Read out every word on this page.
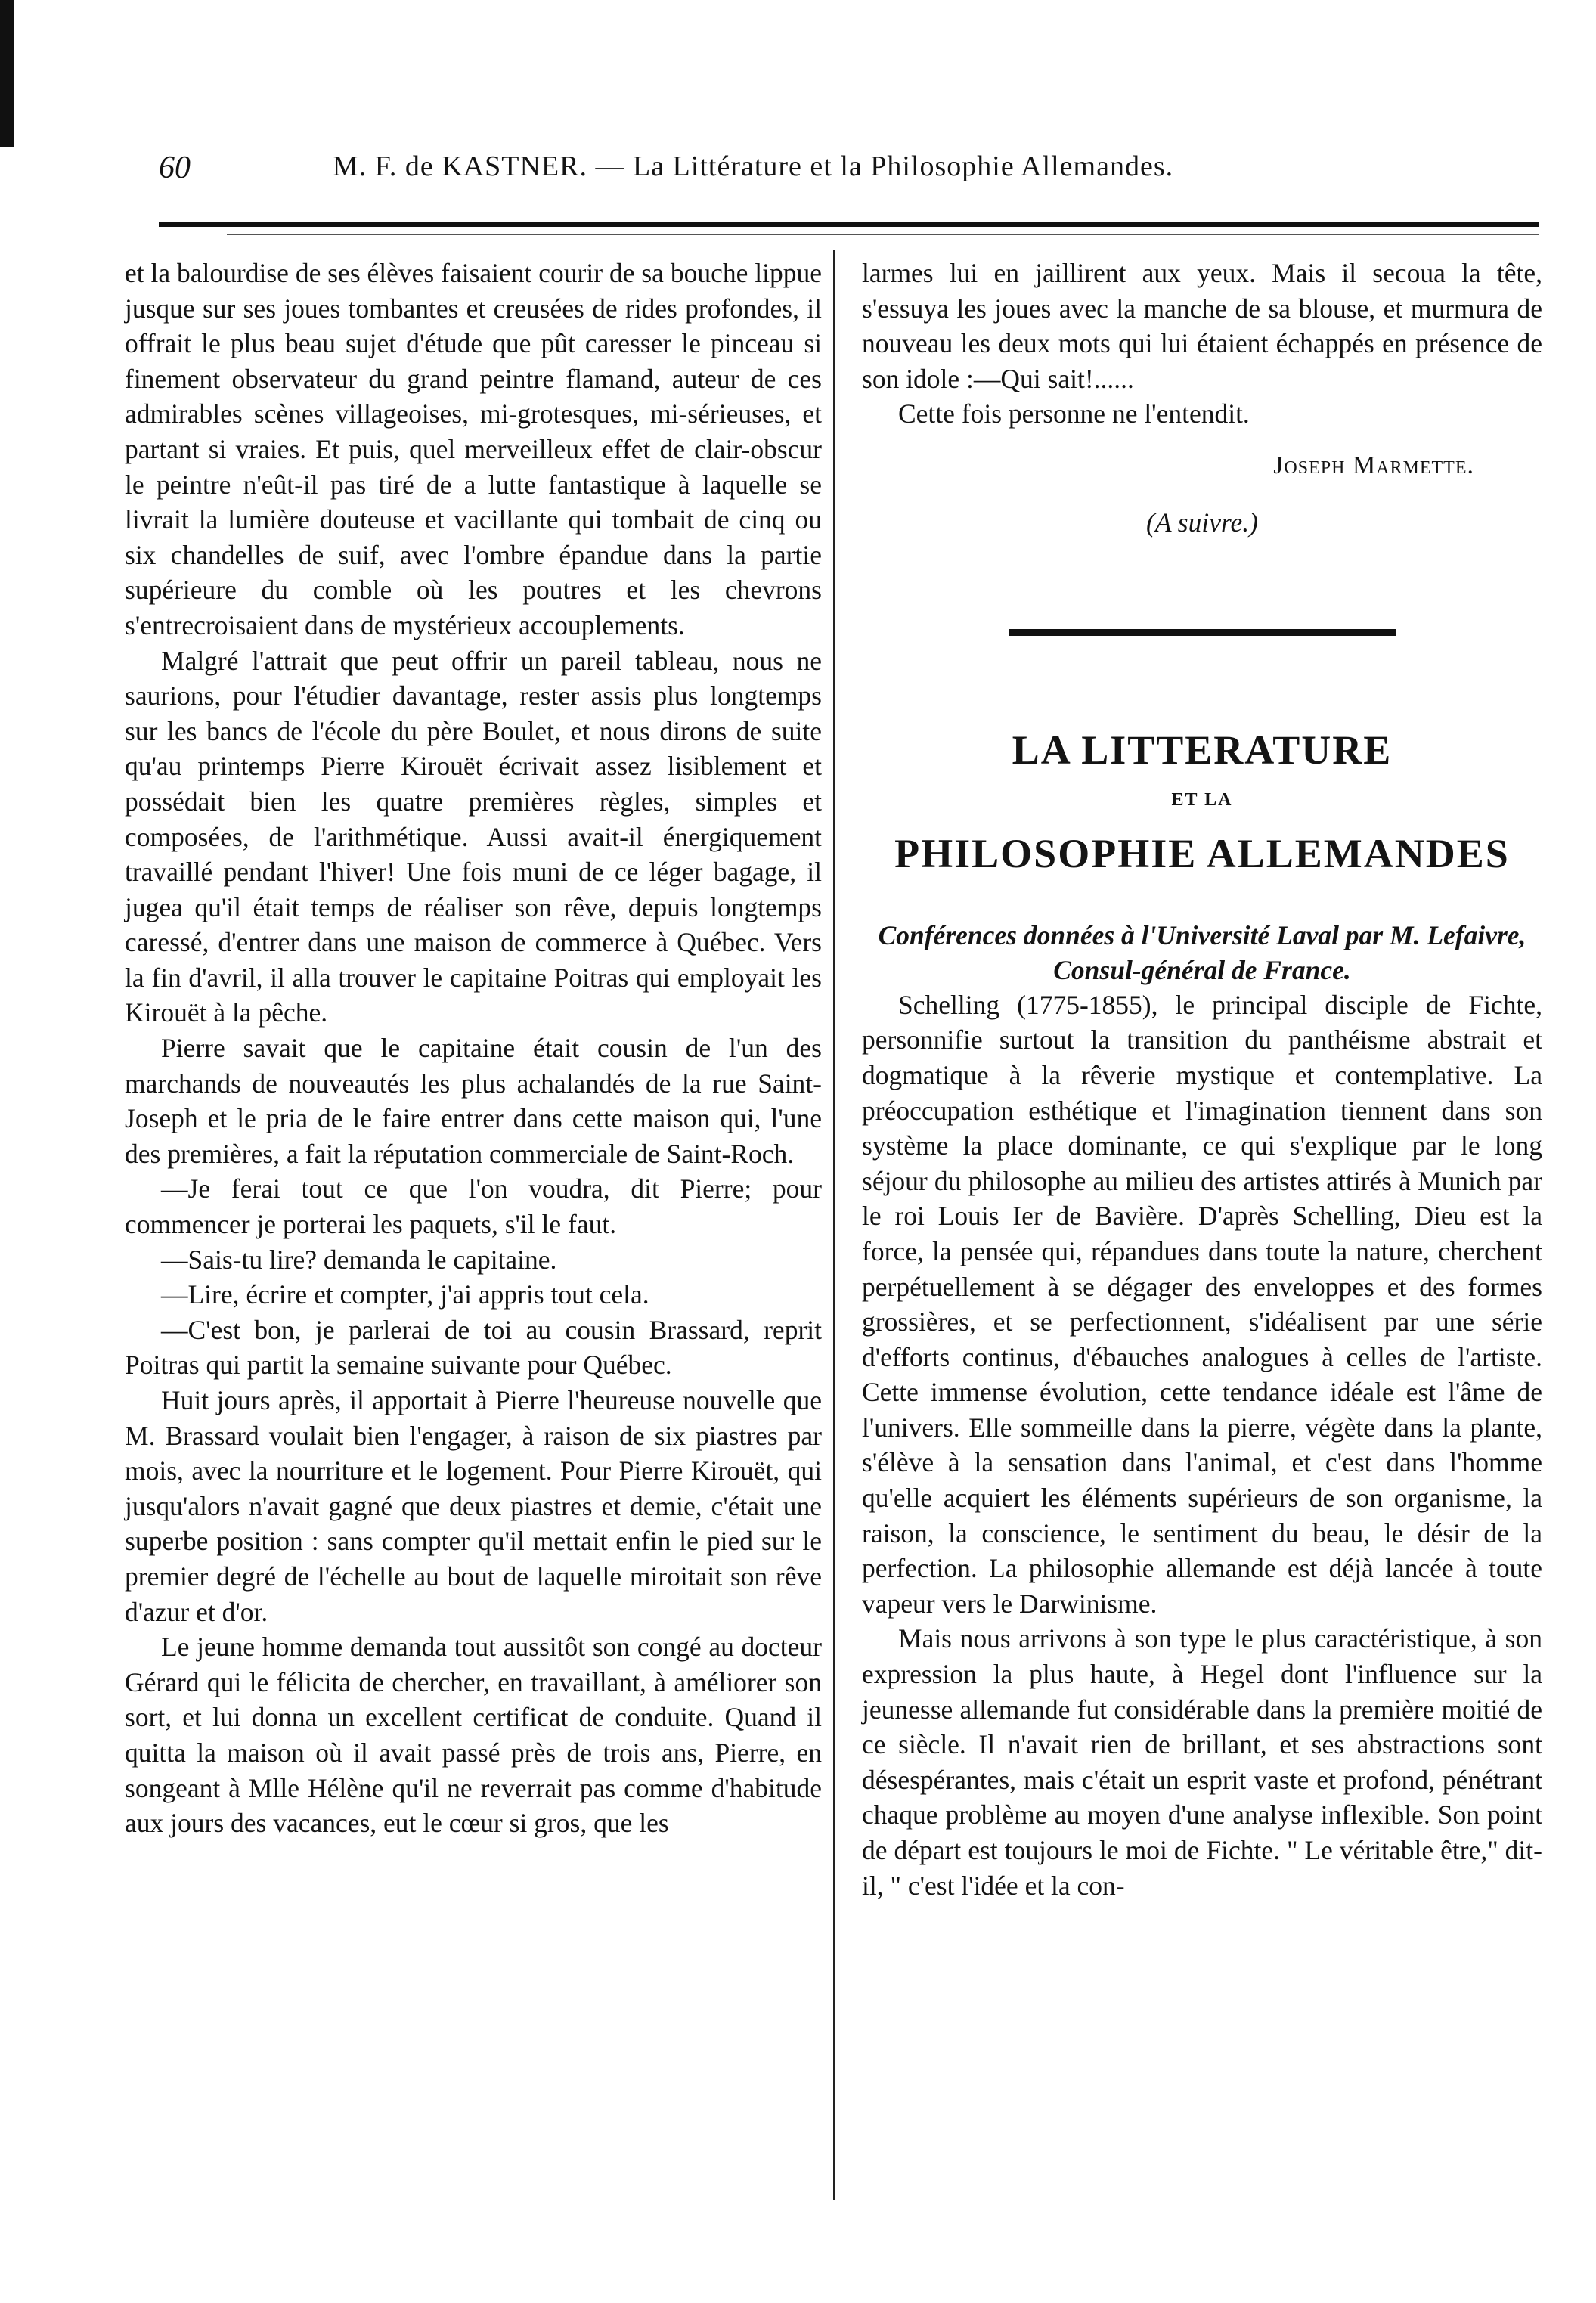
60	M. F. de KASTNER. — La Littérature et la Philosophie Allemandes.

et la balourdise de ses élèves faisaient courir de sa bouche lippue jusque sur ses joues tombantes et creusées de rides profondes, il offrait le plus beau sujet d'étude que pût caresser le pinceau si finement observateur du grand peintre flamand, auteur de ces admirables scènes villageoises, mi-grotesques, mi-sérieuses, et partant si vraies. Et puis, quel merveilleux effet de clair-obscur le peintre n'eût-il pas tiré de a lutte fantastique à laquelle se livrait la lumière douteuse et vacillante qui tombait de cinq ou six chandelles de suif, avec l'ombre épandue dans la partie supérieure du comble où les poutres et les chevrons s'entrecroisaient dans de mystérieux accouplements.

Malgré l'attrait que peut offrir un pareil tableau, nous ne saurions, pour l'étudier davantage, rester assis plus longtemps sur les bancs de l'école du père Boulet, et nous dirons de suite qu'au printemps Pierre Kirouët écrivait assez lisiblement et possédait bien les quatre premières règles, simples et composées, de l'arithmétique. Aussi avait-il énergiquement travaillé pendant l'hiver! Une fois muni de ce léger bagage, il jugea qu'il était temps de réaliser son rêve, depuis longtemps caressé, d'entrer dans une maison de commerce à Québec. Vers la fin d'avril, il alla trouver le capitaine Poitras qui employait les Kirouët à la pêche.

Pierre savait que le capitaine était cousin de l'un des marchands de nouveautés les plus achalandés de la rue Saint-Joseph et le pria de le faire entrer dans cette maison qui, l'une des premières, a fait la réputation commerciale de Saint-Roch.

—Je ferai tout ce que l'on voudra, dit Pierre; pour commencer je porterai les paquets, s'il le faut.

—Sais-tu lire? demanda le capitaine.

—Lire, écrire et compter, j'ai appris tout cela.

—C'est bon, je parlerai de toi au cousin Brassard, reprit Poitras qui partit la semaine suivante pour Québec.

Huit jours après, il apportait à Pierre l'heureuse nouvelle que M. Brassard voulait bien l'engager, à raison de six piastres par mois, avec la nourriture et le logement. Pour Pierre Kirouët, qui jusqu'alors n'avait gagné que deux piastres et demie, c'était une superbe position : sans compter qu'il mettait enfin le pied sur le premier degré de l'échelle au bout de laquelle miroitait son rêve d'azur et d'or.

Le jeune homme demanda tout aussitôt son congé au docteur Gérard qui le félicita de chercher, en travaillant, à améliorer son sort, et lui donna un excellent certificat de conduite. Quand il quitta la maison où il avait passé près de trois ans, Pierre, en songeant à Mlle Hélène qu'il ne reverrait pas comme d'habitude aux jours des vacances, eut le cœur si gros, que les

larmes lui en jaillirent aux yeux. Mais il secoua la tête, s'essuya les joues avec la manche de sa blouse, et murmura de nouveau les deux mots qui lui étaient échappés en présence de son idole :—Qui sait!......

Cette fois personne ne l'entendit.

Joseph Marmette.
(A suivre.)
LA LITTERATURE
ET LA
PHILOSOPHIE ALLEMANDES
Conférences données à l'Université Laval par M. Lefaivre, Consul-général de France.

Schelling (1775-1855), le principal disciple de Fichte, personnifie surtout la transition du panthéisme abstrait et dogmatique à la rêverie mystique et contemplative. La préoccupation esthétique et l'imagination tiennent dans son système la place dominante, ce qui s'explique par le long séjour du philosophe au milieu des artistes attirés à Munich par le roi Louis Ier de Bavière. D'après Schelling, Dieu est la force, la pensée qui, répandues dans toute la nature, cherchent perpétuellement à se dégager des enveloppes et des formes grossières, et se perfectionnent, s'idéalisent par une série d'efforts continus, d'ébauches analogues à celles de l'artiste. Cette immense évolution, cette tendance idéale est l'âme de l'univers. Elle sommeille dans la pierre, végète dans la plante, s'élève à la sensation dans l'animal, et c'est dans l'homme qu'elle acquiert les éléments supérieurs de son organisme, la raison, la conscience, le sentiment du beau, le désir de la perfection. La philosophie allemande est déjà lancée à toute vapeur vers le Darwinisme.

Mais nous arrivons à son type le plus caractéristique, à son expression la plus haute, à Hegel dont l'influence sur la jeunesse allemande fut considérable dans la première moitié de ce siècle. Il n'avait rien de brillant, et ses abstractions sont désespérantes, mais c'était un esprit vaste et profond, pénétrant chaque problème au moyen d'une analyse inflexible. Son point de départ est toujours le moi de Fichte. " Le véritable être," dit-il, " c'est l'idée et la con-
